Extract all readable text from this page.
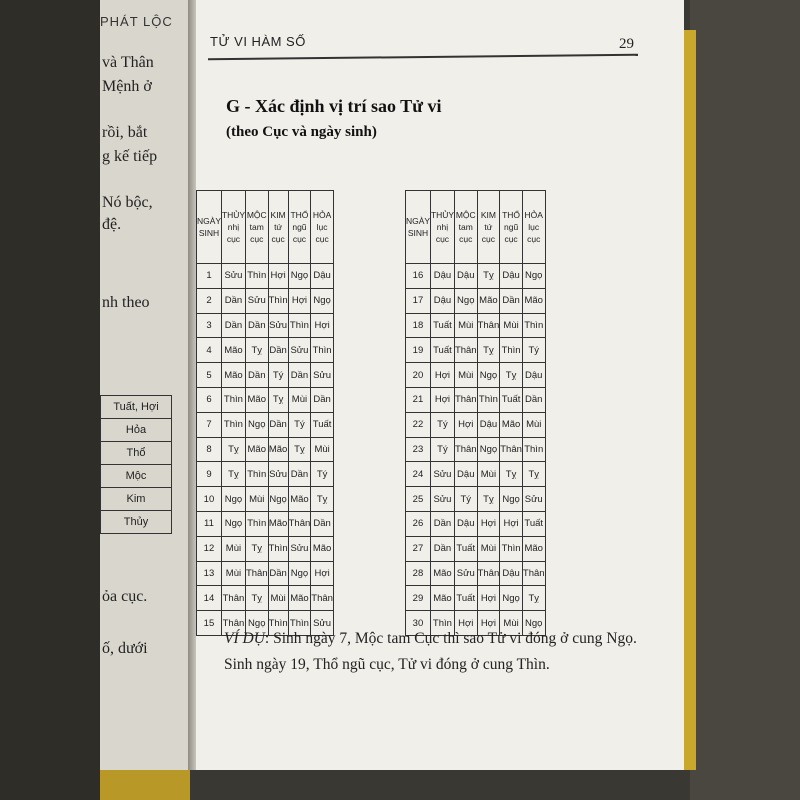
PHÁT LỘC
và Thân
Mệnh ở
rồi, bắt
g kế tiếp
Nó bộc,
đệ.
nh theo
Tuất, Hợi
Hỏa
Thổ
Mộc
Kim
Thủy
ỏa cục.
ố, dưới
TỬ VI HÀM SỐ	29
G - Xác định vị trí sao Tử vi
(theo Cục và ngày sinh)
NGÀY SINH	THỦY nhị cục	MỘC tam cục	KIM tứ cục	THỔ ngũ cục	HỎA lục cục
1	Sửu	Thìn	Hợi	Ngọ	Dậu
2	Dần	Sửu	Thìn	Hợi	Ngọ
3	Dần	Dần	Sửu	Thìn	Hợi
4	Mão	Tỵ	Dần	Sửu	Thìn
5	Mão	Dần	Tý	Dần	Sửu
6	Thìn	Mão	Tỵ	Mùi	Dần
7	Thìn	Ngọ	Dần	Tý	Tuất
8	Tỵ	Mão	Mão	Tỵ	Mùi
9	Tỵ	Thìn	Sửu	Dần	Tý
10	Ngọ	Mùi	Ngọ	Mão	Tỵ
11	Ngọ	Thìn	Mão	Thân	Dần
12	Mùi	Tỵ	Thìn	Sửu	Mão
13	Mùi	Thân	Dần	Ngọ	Hợi
14	Thân	Tỵ	Mùi	Mão	Thân
15	Thân	Ngọ	Thìn	Thìn	Sửu
NGÀY SINH	THỦY nhị cục	MỘC tam cục	KIM tứ cục	THỔ ngũ cục	HỎA lục cục
16	Dậu	Dậu	Tỵ	Dậu	Ngọ
17	Dậu	Ngọ	Mão	Dần	Mão
18	Tuất	Mùi	Thân	Mùi	Thìn
19	Tuất	Thân	Tỵ	Thìn	Tý
20	Hợi	Mùi	Ngọ	Tỵ	Dậu
21	Hợi	Thân	Thìn	Tuất	Dần
22	Tý	Hợi	Dậu	Mão	Mùi
23	Tý	Thân	Ngọ	Thân	Thìn
24	Sửu	Dậu	Mùi	Tỵ	Tỵ
25	Sửu	Tý	Tỵ	Ngọ	Sửu
26	Dần	Dậu	Hợi	Hợi	Tuất
27	Dần	Tuất	Mùi	Thìn	Mão
28	Mão	Sửu	Thân	Dậu	Thân
29	Mão	Tuất	Hợi	Ngọ	Tỵ
30	Thìn	Hợi	Hợi	Mùi	Ngọ
VÍ DỤ: Sinh ngày 7, Mộc tam Cục thì sao Tử vi đóng ở cung Ngọ. Sinh ngày 19, Thổ ngũ cục, Tử vi đóng ở cung Thìn.
